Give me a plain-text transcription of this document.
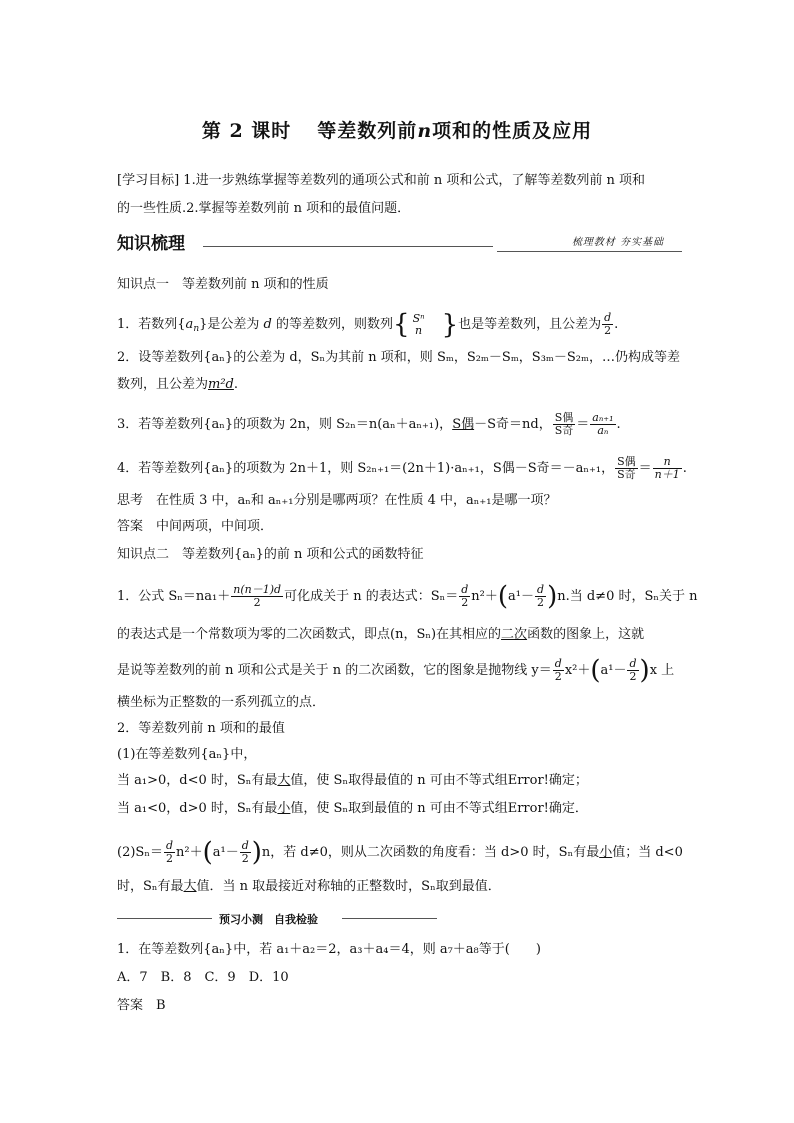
第 2 课时 等差数列前n项和的性质及应用
[学习目标] 1.进一步熟练掌握等差数列的通项公式和前 n 项和公式，了解等差数列前 n 项和
的一些性质.2.掌握等差数列前 n 项和的最值问题．
知识梳理	梳理教材 夯实基础
知识点一　等差数列前 n 项和的性质
1．若数列$\{a_n\}$是公差为 d 的等差数列，则数列{ Sⁿ
n }也是等差数列，且公差为 $\frac{d}{2}$ .
2．设等差数列{aₙ}的公差为 d，Sₙ为其前 n 项和，则 Sₘ，S₂ₘ－Sₘ，S₃ₘ－S₂ₘ，…仍构成等差
数列，且公差为m²d.
3．若等差数列{aₙ}的项数为 2n，则 S₂ₙ＝n(aₙ＋aₙ₊₁)，S偶－S奇＝nd， $\frac{\text{S偶}}{\text{S奇}} = \frac{\text{aₙ₊₁}}{\text{aₙ}}$ .
4．若等差数列{aₙ}的项数为 2n＋1，则 S₂ₙ₊₁＝(2n＋1)·aₙ₊₁，S偶－S奇＝－aₙ₊₁， $\frac{\text{S偶}}{\text{S奇}} = \frac{n}{n+1}$ .
思考　在性质 3 中，aₙ和 aₙ₊₁分别是哪两项？在性质 4 中，aₙ₊₁是哪一项？
答案　中间两项，中间项．
知识点二　等差数列{aₙ}的前 n 项和公式的函数特征
1．公式 $S_n=na_1+ \frac{n(n-1)d}{2}$ 可化成关于 n 的表达式：$S_n= \frac{d}{2} n^2+(a^1- \frac{d}{2} )n$.当 d≠0 时，Sₙ关于 n
的表达式是一个常数项为零的二次函数式，即点(n，Sₙ)在其相应的二次函数的图象上，这就
是说等差数列的前 n 项和公式是关于 n 的二次函数，它的图象是抛物线 $y= \frac{d}{2} x^2+(a^1- \frac{d}{2} )x$ 上
横坐标为正整数的一系列孤立的点．
2．等差数列前 n 项和的最值
(1)在等差数列{aₙ}中，
当 a₁>0，d<0 时，Sₙ有最大值，使 Sₙ取得最值的 n 可由不等式组Error!确定；
当 a₁<0，d>0 时，Sₙ有最小值，使 Sₙ取到最值的 n 可由不等式组Error!确定．
$(2)S_n= \frac{d}{2} n^2+(a^1- \frac{d}{2} )n$，若 d≠0，则从二次函数的角度看：当 d>0 时，Sₙ有最小值；当 d<0
时，Sₙ有最大值．当 n 取最接近对称轴的正整数时，Sₙ取到最值．
预习小测　自我检验
1．在等差数列{aₙ}中，若 a₁＋a₂＝2，a₃＋a₄＝4，则 a₇＋a₈等于(　　)
A．7　B．8　C．9　D．10
答案　B
